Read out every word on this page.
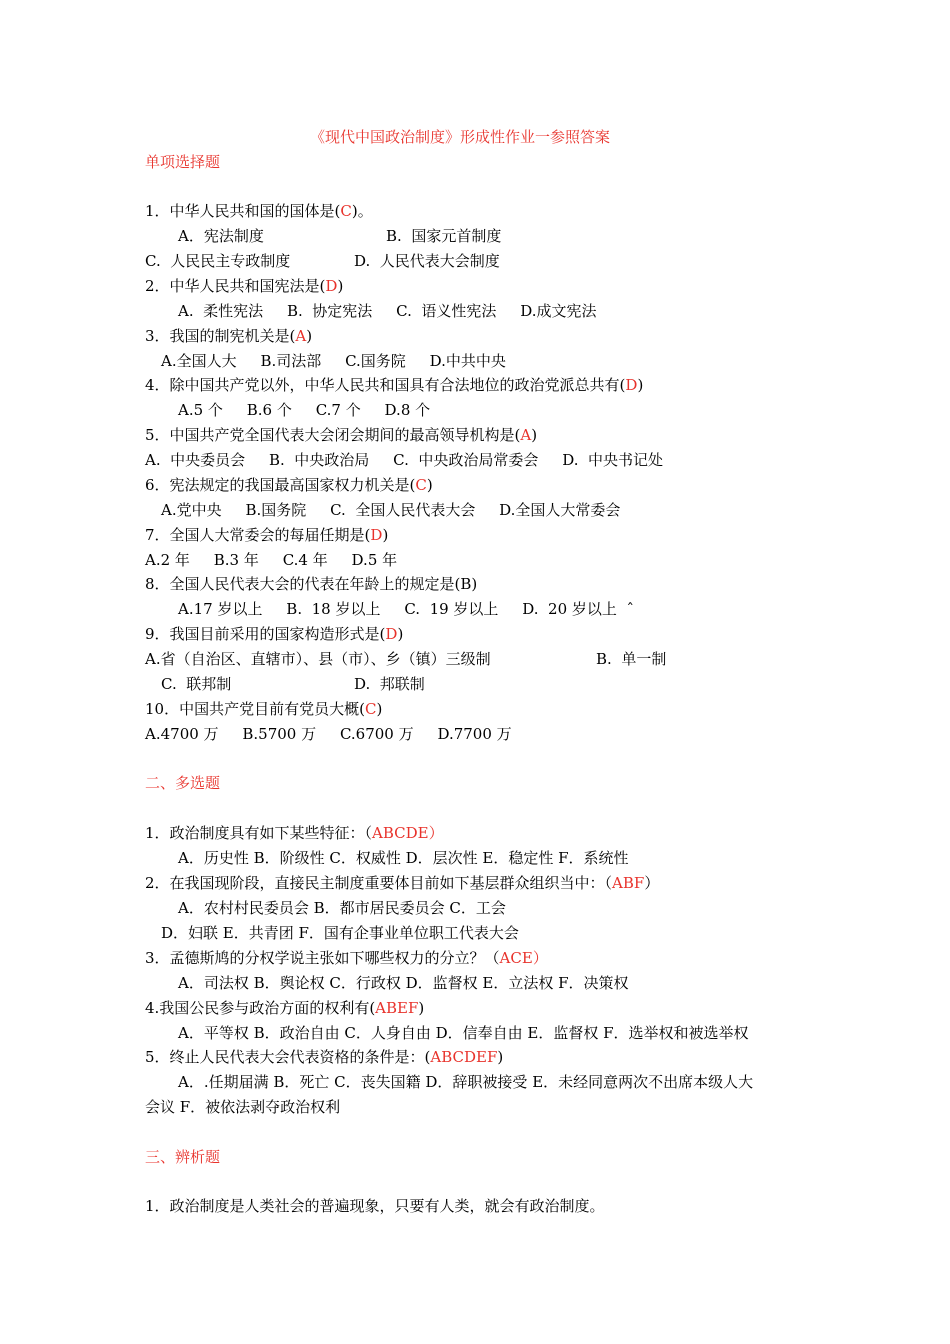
《现代中国政治制度》形成性作业一参照答案
单项选择题
1．中华人民共和国的国体是(C)。
A．宪法制度	B.  国家元首制度
C.  人民民主专政制度	D.  人民代表大会制度
2．中华人民共和国宪法是(D)
A.  柔性宪法     B.  协定宪法     C.  语义性宪法     D.成文宪法
3．我国的制宪机关是(A)
A.全国人大     B.司法部     C.国务院     D.中共中央
4．除中国共产党以外，中华人民共和国具有合法地位的政治党派总共有(D)
A.5 个     B.6 个     C.7 个     D.8 个
5．中国共产党全国代表大会闭会期间的最高领导机构是(A)
A.  中央委员会     B.  中央政治局     C.  中央政治局常委会     D.  中央书记处
6．宪法规定的我国最高国家权力机关是(C)
A.党中央     B.国务院     C.  全国人民代表大会     D.全国人大常委会
7．全国人大常委会的每届任期是(D)
A.2 年     B.3 年     C.4 年     D.5 年
8．全国人民代表大会的代表在年龄上的规定是(B)
A.17 岁以上     B.  18 岁以上     C.  19 岁以上     D.  20 岁以上  ˆ
9．我国目前采用的国家构造形式是(D)
A.省（自治区、直辖市）、县（市）、乡（镇）三级制	B.  单一制
C.  联邦制	D.  邦联制
10．中国共产党目前有党员大概(C)
A.4700 万     B.5700 万     C.6700 万     D.7700 万
二、多选题
1．政治制度具有如下某些特征：（ABCDE）
A．历史性 B．阶级性 C．权威性 D．层次性 E．稳定性 F．系统性
2．在我国现阶段，直接民主制度重要体目前如下基层群众组织当中：（ABF）
A．农村村民委员会 B．都市居民委员会 C．工会
D．妇联 E．共青团 F．国有企事业单位职工代表大会
3．孟德斯鸠的分权学说主张如下哪些权力的分立？（ACE）
A．司法权 B．舆论权 C．行政权 D．监督权 E．立法权 F．决策权
4.我国公民参与政治方面的权利有(ABEF)
A．平等权 B．政治自由 C．人身自由 D．信奉自由 E．监督权 F．选举权和被选举权
5．终止人民代表大会代表资格的条件是：(ABCDEF)
A．.任期届满 B．死亡 C．丧失国籍 D．辞职被接受 E．未经同意两次不出席本级人大
会议 F．被依法剥夺政治权利
三、辨析题
1．政治制度是人类社会的普遍现象，只要有人类，就会有政治制度。
